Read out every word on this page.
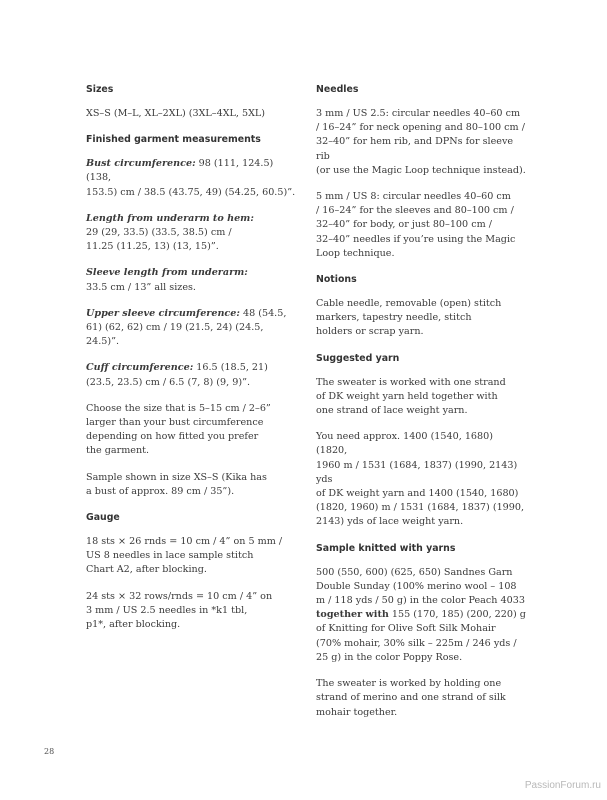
Sizes
XS–S (M–L, XL–2XL) (3XL–4XL, 5XL)
Finished garment measurements
Bust circumference: 98 (111, 124.5) (138,
153.5) cm / 38.5 (43.75, 49) (54.25, 60.5)”.
Length from underarm to hem:
29 (29, 33.5) (33.5, 38.5) cm /
11.25 (11.25, 13) (13, 15)”.
Sleeve length from underarm:
33.5 cm / 13” all sizes.
Upper sleeve circumference: 48 (54.5,
61) (62, 62) cm / 19 (21.5, 24) (24.5, 24.5)”.
Cuff circumference: 16.5 (18.5, 21)
(23.5, 23.5) cm / 6.5 (7, 8) (9, 9)”.
Choose the size that is 5–15 cm / 2–6”
larger than your bust circumference
depending on how fitted you prefer
the garment.
Sample shown in size XS–S (Kika has
a bust of approx. 89 cm / 35”).
Gauge
18 sts × 26 rnds = 10 cm / 4” on 5 mm /
US 8 needles in lace sample stitch
Chart A2, after blocking.
24 sts × 32 rows/rnds = 10 cm / 4” on
3 mm / US 2.5 needles in *k1 tbl,
p1*, after blocking.
Needles
3 mm / US 2.5: circular needles 40–60 cm
/ 16–24” for neck opening and 80–100 cm /
32–40” for hem rib, and DPNs for sleeve rib
(or use the Magic Loop technique instead).
5 mm / US 8: circular needles 40–60 cm
/ 16–24” for the sleeves and 80–100 cm /
32–40” for body, or just 80–100 cm /
32–40” needles if you’re using the Magic
Loop technique.
Notions
Cable needle, removable (open) stitch
markers, tapestry needle, stitch
holders or scrap yarn.
Suggested yarn
The sweater is worked with one strand
of DK weight yarn held together with
one strand of lace weight yarn.
You need approx. 1400 (1540, 1680) (1820,
1960 m / 1531 (1684, 1837) (1990, 2143) yds
of DK weight yarn and 1400 (1540, 1680)
(1820, 1960) m / 1531 (1684, 1837) (1990,
2143) yds of lace weight yarn.
Sample knitted with yarns
500 (550, 600) (625, 650) Sandnes Garn
Double Sunday (100% merino wool – 108
m / 118 yds / 50 g) in the color Peach 4033
together with 155 (170, 185) (200, 220) g
of Knitting for Olive Soft Silk Mohair
(70% mohair, 30% silk – 225m / 246 yds /
25 g) in the color Poppy Rose.
The sweater is worked by holding one
strand of merino and one strand of silk
mohair together.
28
PassionForum.ru
